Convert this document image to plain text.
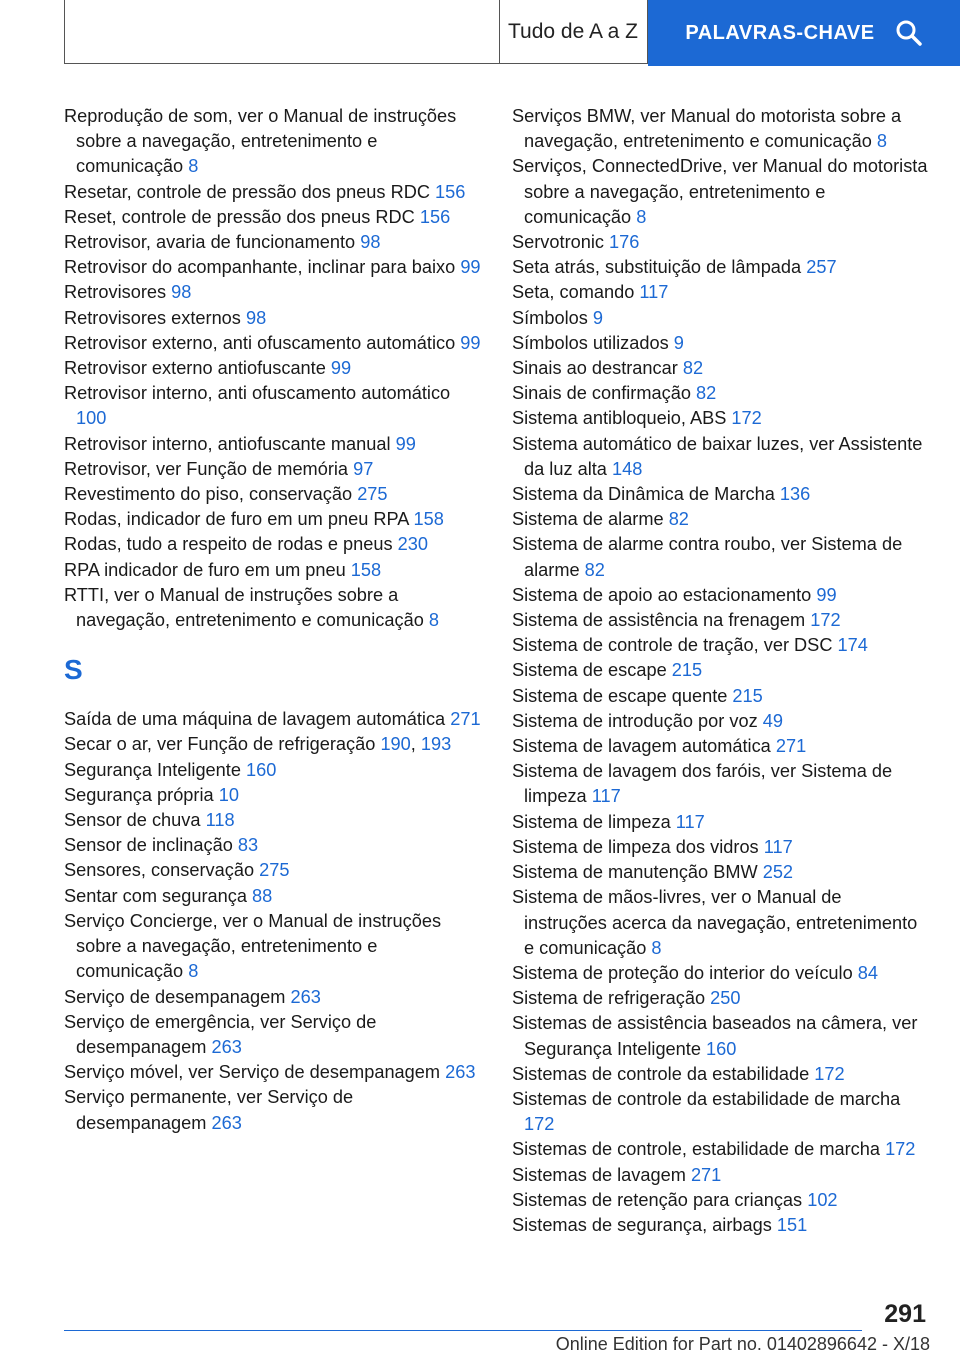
Tudo de A a Z	PALAVRAS-CHAVE
Reprodução de som, ver o Manual de instruções sobre a navegação, entretenimento e comunicação 8
Resetar, controle de pressão dos pneus RDC 156
Reset, controle de pressão dos pneus RDC 156
Retrovisor, avaria de funcionamento 98
Retrovisor do acompanhante, inclinar para baixo 99
Retrovisores 98
Retrovisores externos 98
Retrovisor externo, anti ofuscamento automático 99
Retrovisor externo antiofuscante 99
Retrovisor interno, anti ofuscamento automático 100
Retrovisor interno, antiofuscante manual 99
Retrovisor, ver Função de memória 97
Revestimento do piso, conservação 275
Rodas, indicador de furo em um pneu RPA 158
Rodas, tudo a respeito de rodas e pneus 230
RPA indicador de furo em um pneu 158
RTTI, ver o Manual de instruções sobre a navegação, entretenimento e comunicação 8
S
Saída de uma máquina de lavagem automática 271
Secar o ar, ver Função de refrigeração 190, 193
Segurança Inteligente 160
Segurança própria 10
Sensor de chuva 118
Sensor de inclinação 83
Sensores, conservação 275
Sentar com segurança 88
Serviço Concierge, ver o Manual de instruções sobre a navegação, entretenimento e comunicação 8
Serviço de desempanagem 263
Serviço de emergência, ver Serviço de desempanagem 263
Serviço móvel, ver Serviço de desempanagem 263
Serviço permanente, ver Serviço de desempanagem 263
Serviços BMW, ver Manual do motorista sobre a navegação, entretenimento e comunicação 8
Serviços, ConnectedDrive, ver Manual do motorista sobre a navegação, entretenimento e comunicação 8
Servotronic 176
Seta atrás, substituição de lâmpada 257
Seta, comando 117
Símbolos 9
Símbolos utilizados 9
Sinais ao destrancar 82
Sinais de confirmação 82
Sistema antibloqueio, ABS 172
Sistema automático de baixar luzes, ver Assistente da luz alta 148
Sistema da Dinâmica de Marcha 136
Sistema de alarme 82
Sistema de alarme contra roubo, ver Sistema de alarme 82
Sistema de apoio ao estacionamento 99
Sistema de assistência na frenagem 172
Sistema de controle de tração, ver DSC 174
Sistema de escape 215
Sistema de escape quente 215
Sistema de introdução por voz 49
Sistema de lavagem automática 271
Sistema de lavagem dos faróis, ver Sistema de limpeza 117
Sistema de limpeza 117
Sistema de limpeza dos vidros 117
Sistema de manutenção BMW 252
Sistema de mãos-livres, ver o Manual de instruções acerca da navegação, entretenimento e comunicação 8
Sistema de proteção do interior do veículo 84
Sistema de refrigeração 250
Sistemas de assistência baseados na câmera, ver Segurança Inteligente 160
Sistemas de controle da estabilidade 172
Sistemas de controle da estabilidade de marcha 172
Sistemas de controle, estabilidade de marcha 172
Sistemas de lavagem 271
Sistemas de retenção para crianças 102
Sistemas de segurança, airbags 151
291
Online Edition for Part no. 01402896642 - X/18
